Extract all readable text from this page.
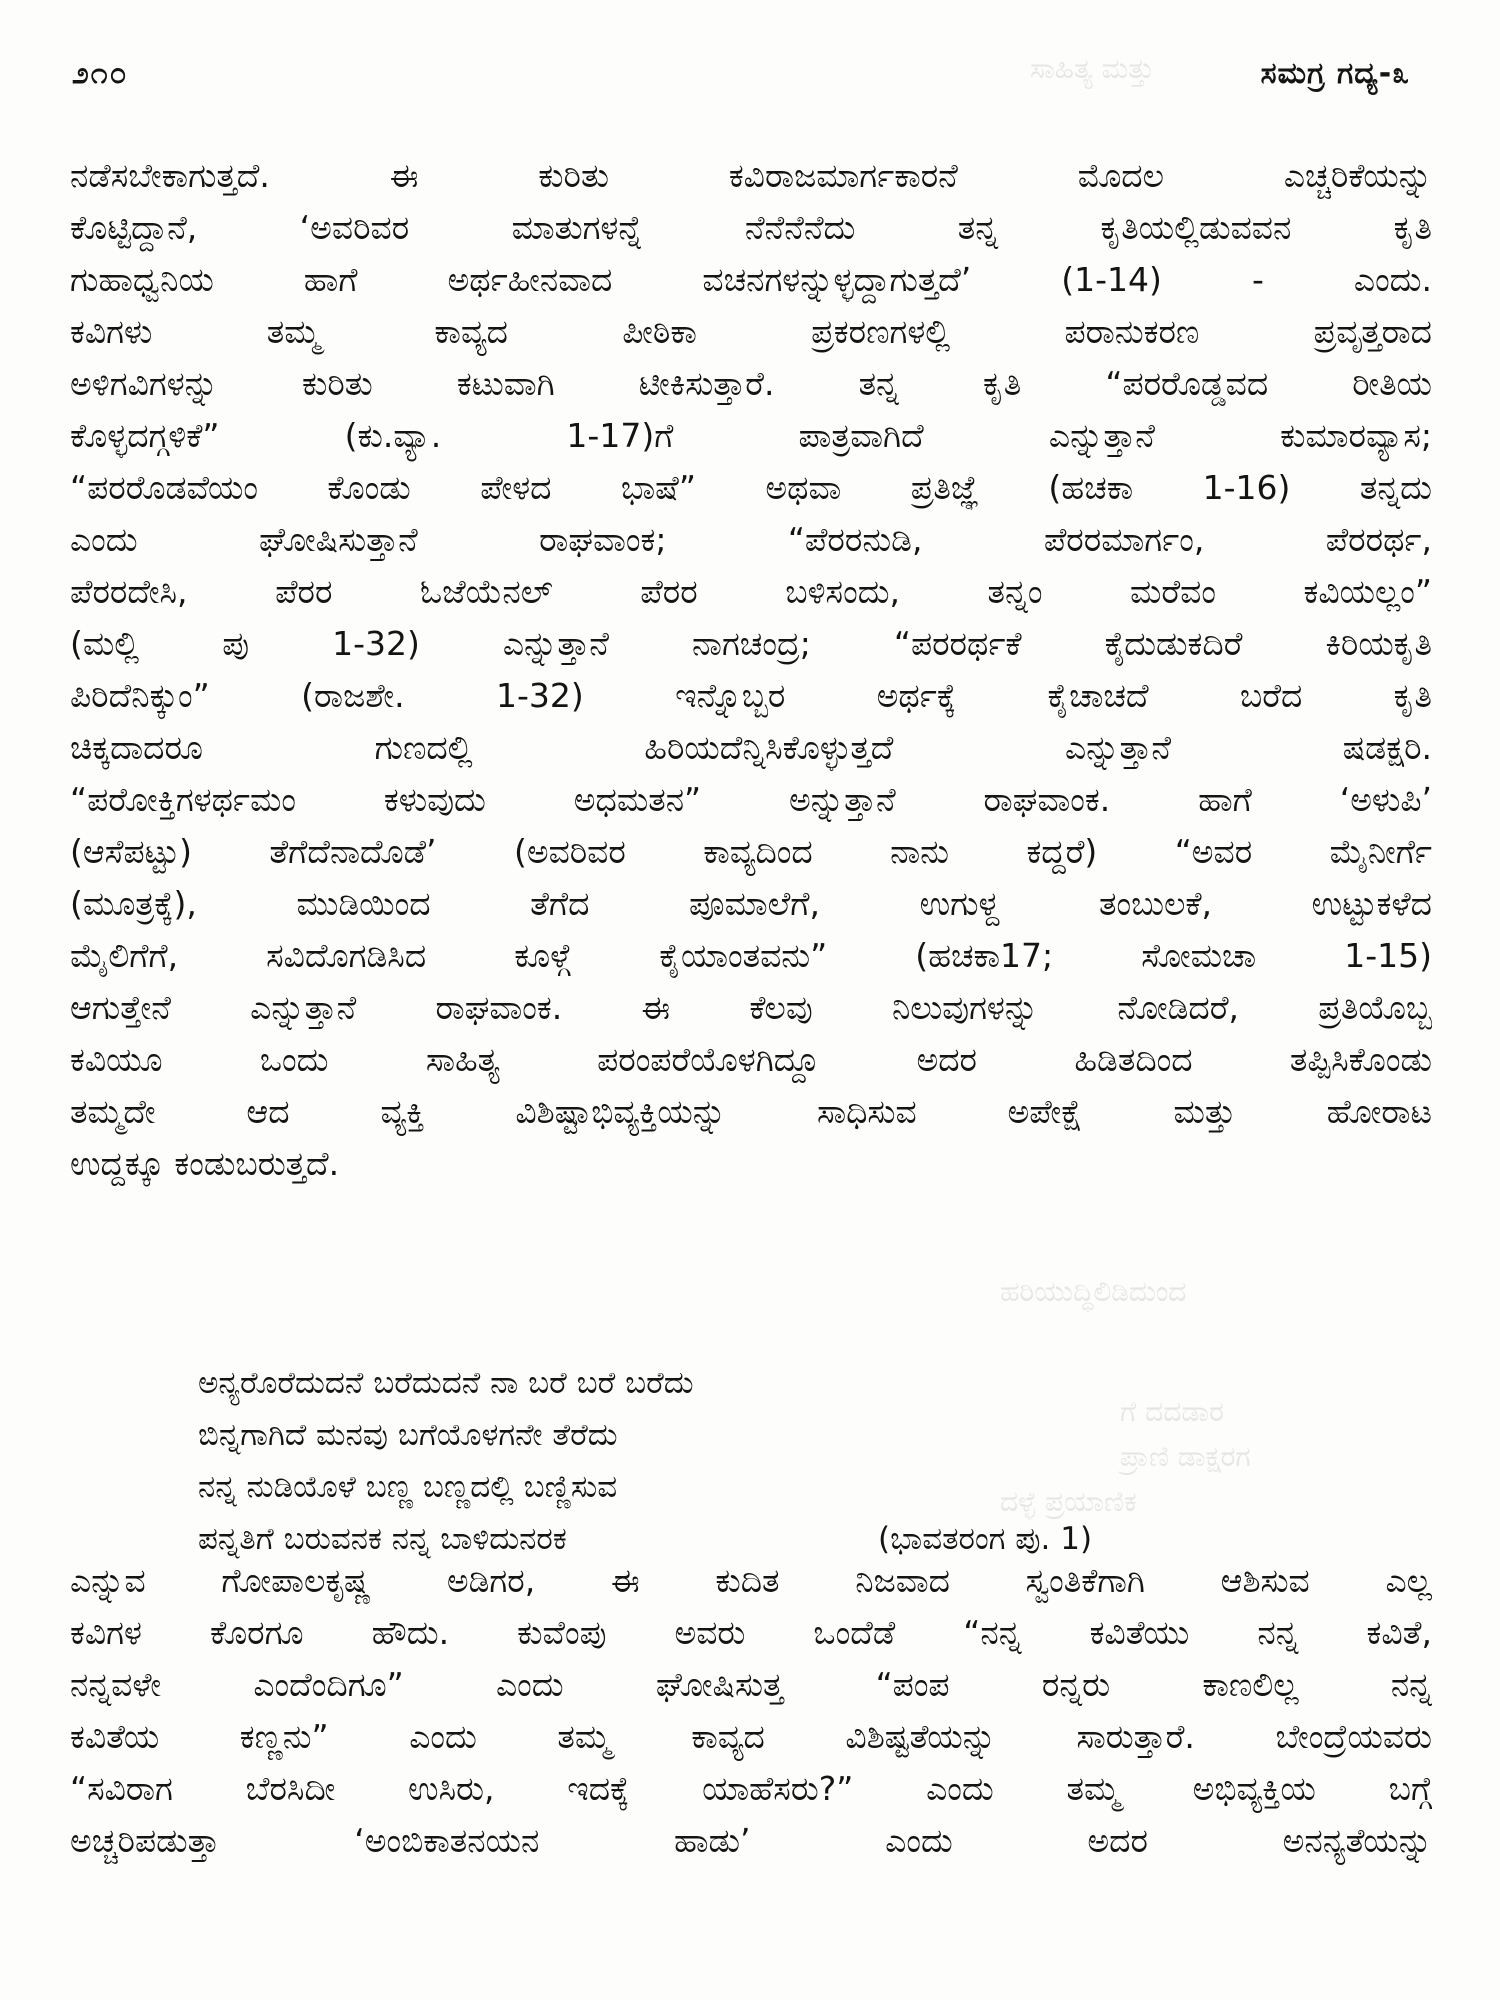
ಸಾಹಿತ್ಯ ಮತ್ತು
ಹರಿಯುದ್ಧಿಲಿಡಿದುಂದ
ಗೆ ದದಡಾರ
ಪ್ರಾಣಿ ಡಾಕ್ಷರಗ
ದಳ್ಳೆ ಪ್ರಯಾಣಿಕ
೨೧೦	ಸಮಗ್ರ ಗದ್ಯ-೩
ನಡೆಸಬೇಕಾಗುತ್ತದೆ. ಈ ಕುರಿತು ಕವಿರಾಜಮಾರ್ಗಕಾರನೆ ಮೊದಲ ಎಚ್ಚರಿಕೆಯನ್ನು
ಕೊಟ್ಟಿದ್ದಾನೆ, ‘ಅವರಿವರ ಮಾತುಗಳನ್ನೆ ನೆನೆನೆನೆದು ತನ್ನ ಕೃತಿಯಲ್ಲಿಡುವವನ ಕೃತಿ
ಗುಹಾಧ್ವನಿಯ ಹಾಗೆ ಅರ್ಥಹೀನವಾದ ವಚನಗಳನ್ನುಳ್ಳದ್ದಾಗುತ್ತದೆ’ (1-14) - ಎಂದು.
ಕವಿಗಳು ತಮ್ಮ ಕಾವ್ಯದ ಪೀಠಿಕಾ ಪ್ರಕರಣಗಳಲ್ಲಿ ಪರಾನುಕರಣ ಪ್ರವೃತ್ತರಾದ
ಅಳಿಗವಿಗಳನ್ನು ಕುರಿತು ಕಟುವಾಗಿ ಟೀಕಿಸುತ್ತಾರೆ. ತನ್ನ ಕೃತಿ “ಪರರೊಡ್ಡವದ ರೀತಿಯ
ಕೊಳ್ಳದಗ್ಗಳಿಕೆ” (ಕು.ವ್ಯಾ. 1-17)ಗೆ ಪಾತ್ರವಾಗಿದೆ ಎನ್ನುತ್ತಾನೆ ಕುಮಾರವ್ಯಾಸ;
“ಪರರೊಡವೆಯಂ ಕೊಂಡು ಪೇಳದ ಭಾಷೆ” ಅಥವಾ ಪ್ರತಿಜ್ಞೆ (ಹಚಕಾ 1-16) ತನ್ನದು
ಎಂದು ಘೋಷಿಸುತ್ತಾನೆ ರಾಘವಾಂಕ; “ಪೆರರನುಡಿ, ಪೆರರಮಾರ್ಗಂ, ಪೆರರರ್ಥ,
ಪೆರರದೇಸಿ, ಪೆರರ ಓಜೆಯೆನಲ್ ಪೆರರ ಬಳಿಸಂದು, ತನ್ನಂ ಮರೆವಂ ಕವಿಯಲ್ಲಂ”
(ಮಲ್ಲಿ ಪು 1-32) ಎನ್ನುತ್ತಾನೆ ನಾಗಚಂದ್ರ; “ಪರರರ್ಥಕೆ ಕೈದುಡುಕದಿರೆ ಕಿರಿಯಕೃತಿ
ಪಿರಿದೆನಿಕ್ಕುಂ” (ರಾಜಶೇ. 1-32) ಇನ್ನೊಬ್ಬರ ಅರ್ಥಕ್ಕೆ ಕೈಚಾಚದೆ ಬರೆದ ಕೃತಿ
ಚಿಕ್ಕದಾದರೂ ಗುಣದಲ್ಲಿ ಹಿರಿಯದೆನ್ನಿಸಿಕೊಳ್ಳುತ್ತದೆ ಎನ್ನುತ್ತಾನೆ ಷಡಕ್ಷರಿ.
“ಪರೋಕ್ತಿಗಳರ್ಥಮಂ ಕಳುವುದು ಅಧಮತನ” ಅನ್ನುತ್ತಾನೆ ರಾಘವಾಂಕ. ಹಾಗೆ ‘ಅಳುಪಿ’
(ಆಸೆಪಟ್ಟು) ತೆಗೆದೆನಾದೊಡೆ’ (ಅವರಿವರ ಕಾವ್ಯದಿಂದ ನಾನು ಕದ್ದರೆ) “ಅವರ ಮೈನೀರ್ಗೆ
(ಮೂತ್ರಕ್ಕೆ), ಮುಡಿಯಿಂದ ತೆಗೆದ ಪೂಮಾಲೆಗೆ, ಉಗುಳ್ದ ತಂಬುಲಕೆ, ಉಟ್ಟುಕಳೆದ
ಮೈಲಿಗೆಗೆ, ಸವಿದೊಗಡಿಸಿದ ಕೂಳ್ಗೆ ಕೈಯಾಂತವನು” (ಹಚಕಾ17; ಸೋಮಚಾ 1-15)
ಆಗುತ್ತೇನೆ ಎನ್ನುತ್ತಾನೆ ರಾಘವಾಂಕ. ಈ ಕೆಲವು ನಿಲುವುಗಳನ್ನು ನೋಡಿದರೆ, ಪ್ರತಿಯೊಬ್ಬ
ಕವಿಯೂ ಒಂದು ಸಾಹಿತ್ಯ ಪರಂಪರೆಯೊಳಗಿದ್ದೂ ಅದರ ಹಿಡಿತದಿಂದ ತಪ್ಪಿಸಿಕೊಂಡು
ತಮ್ಮದೇ ಆದ ವ್ಯಕ್ತಿ ವಿಶಿಷ್ಟಾಭಿವ್ಯಕ್ತಿಯನ್ನು ಸಾಧಿಸುವ ಅಪೇಕ್ಷೆ ಮತ್ತು ಹೋರಾಟ
ಉದ್ದಕ್ಕೂ ಕಂಡುಬರುತ್ತದೆ.
ಅನ್ಯರೊರೆದುದನೆ ಬರೆದುದನೆ ನಾ ಬರೆ ಬರೆ ಬರೆದು
ಬಿನ್ನಗಾಗಿದೆ ಮನವು ಬಗೆಯೊಳಗನೇ ತೆರೆದು
ನನ್ನ ನುಡಿಯೊಳೆ ಬಣ್ಣ ಬಣ್ಣದಲ್ಲಿ ಬಣ್ಣಿಸುವ
ಪನ್ನತಿಗೆ ಬರುವನಕ ನನ್ನ ಬಾಳಿದುನರಕ	(ಭಾವತರಂಗ ಪು. 1)
ಎನ್ನುವ ಗೋಪಾಲಕೃಷ್ಣ ಅಡಿಗರ, ಈ ಕುದಿತ ನಿಜವಾದ ಸ್ವಂತಿಕೆಗಾಗಿ ಆಶಿಸುವ ಎಲ್ಲ
ಕವಿಗಳ ಕೊರಗೂ ಹೌದು. ಕುವೆಂಪು ಅವರು ಒಂದೆಡೆ “ನನ್ನ ಕವಿತೆಯು ನನ್ನ ಕವಿತೆ,
ನನ್ನವಳೇ ಎಂದೆಂದಿಗೂ” ಎಂದು ಘೋಷಿಸುತ್ತ “ಪಂಪ ರನ್ನರು ಕಾಣಲಿಲ್ಲ ನನ್ನ
ಕವಿತೆಯ ಕಣ್ಣನು” ಎಂದು ತಮ್ಮ ಕಾವ್ಯದ ವಿಶಿಷ್ಟತೆಯನ್ನು ಸಾರುತ್ತಾರೆ. ಬೇಂದ್ರೆಯವರು
“ಸವಿರಾಗ ಬೆರಸಿದೀ ಉಸಿರು, ಇದಕ್ಕೆ ಯಾಹೆಸರು?” ಎಂದು ತಮ್ಮ ಅಭಿವ್ಯಕ್ತಿಯ ಬಗ್ಗೆ
ಅಚ್ಚರಿಪಡುತ್ತಾ ‘ಅಂಬಿಕಾತನಯನ ಹಾಡು’ ಎಂದು ಅದರ ಅನನ್ಯತೆಯನ್ನು
